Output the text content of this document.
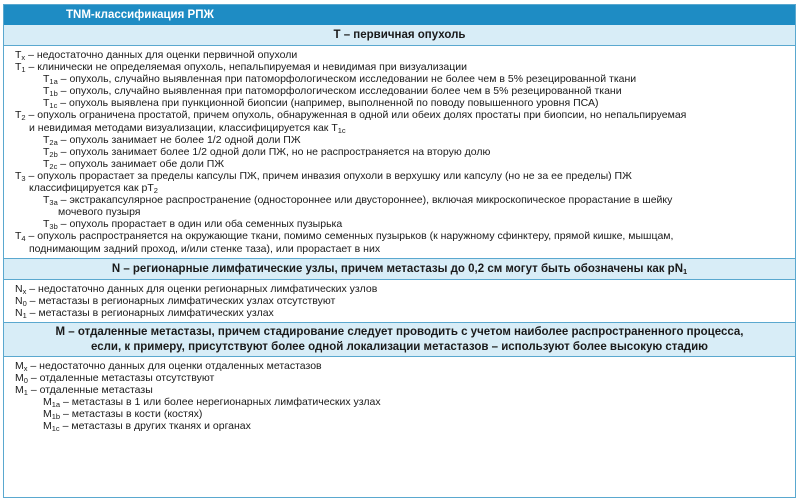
TNM-классификация РПЖ
Т – первичная опухоль
$T_x$ – недостаточно данных для оценки первичной опухоли
$T_1$ – клинически не определяемая опухоль, непальпируемая и невидимая при визуализации
$T_{1a}$ – опухоль, случайно выявленная при патоморфологическом исследовании не более чем в 5% резецированной ткани
$T_{1b}$ – опухоль, случайно выявленная при патоморфологическом исследовании более чем в 5% резецированной ткани
$T_{1c}$ – опухоль выявлена при пункционной биопсии (например, выполненной по поводу повышенного уровня ПСА)
$T_2$ – опухоль ограничена простатой, причем опухоль, обнаруженная в одной или обеих долях простаты при биопсии, но непальпируемая
и невидимая методами визуализации, классифицируется как $T_{1c}$
$T_{2a}$ – опухоль занимает не более 1/2 одной доли ПЖ
$T_{2b}$ – опухоль занимает более 1/2 одной доли ПЖ, но не распространяется на вторую долю
$T_{2c}$ – опухоль занимает обе доли ПЖ
$T_3$ – опухоль прорастает за пределы капсулы ПЖ, причем инвазия опухоли в верхушку или капсулу (но не за ее пределы) ПЖ
классифицируется как $pT_2$
$T_{3a}$ – экстракапсулярное распространение (одностороннее или двустороннее), включая микроскопическое прорастание в шейку
мочевого пузыря
$T_{3b}$ – опухоль прорастает в один или оба семенных пузырька
$T_4$ – опухоль распространяется на окружающие ткани, помимо семенных пузырьков (к наружному сфинктеру, прямой кишке, мышцам,
поднимающим задний проход, и/или стенке таза), или прорастает в них
N – регионарные лимфатические узлы, причем метастазы до 0,2 см могут быть обозначены как $pN_1$
$N_x$ – недостаточно данных для оценки регионарных лимфатических узлов
$N_0$ – метастазы в регионарных лимфатических узлах отсутствуют
$N_1$ – метастазы в регионарных лимфатических узлах
М – отдаленные метастазы, причем стадирование следует проводить с учетом наиболее распространенного процесса,
если, к примеру, присутствуют более одной локализации метастазов – используют более высокую стадию
$M_x$ – недостаточно данных для оценки отдаленных метастазов
$M_0$ – отдаленные метастазы отсутствуют
$M_1$ – отдаленные метастазы
$M_{1a}$ – метастазы в 1 или более нерегионарных лимфатических узлах
$M_{1b}$ – метастазы в кости (костях)
$M_{1c}$ – метастазы в других тканях и органах
